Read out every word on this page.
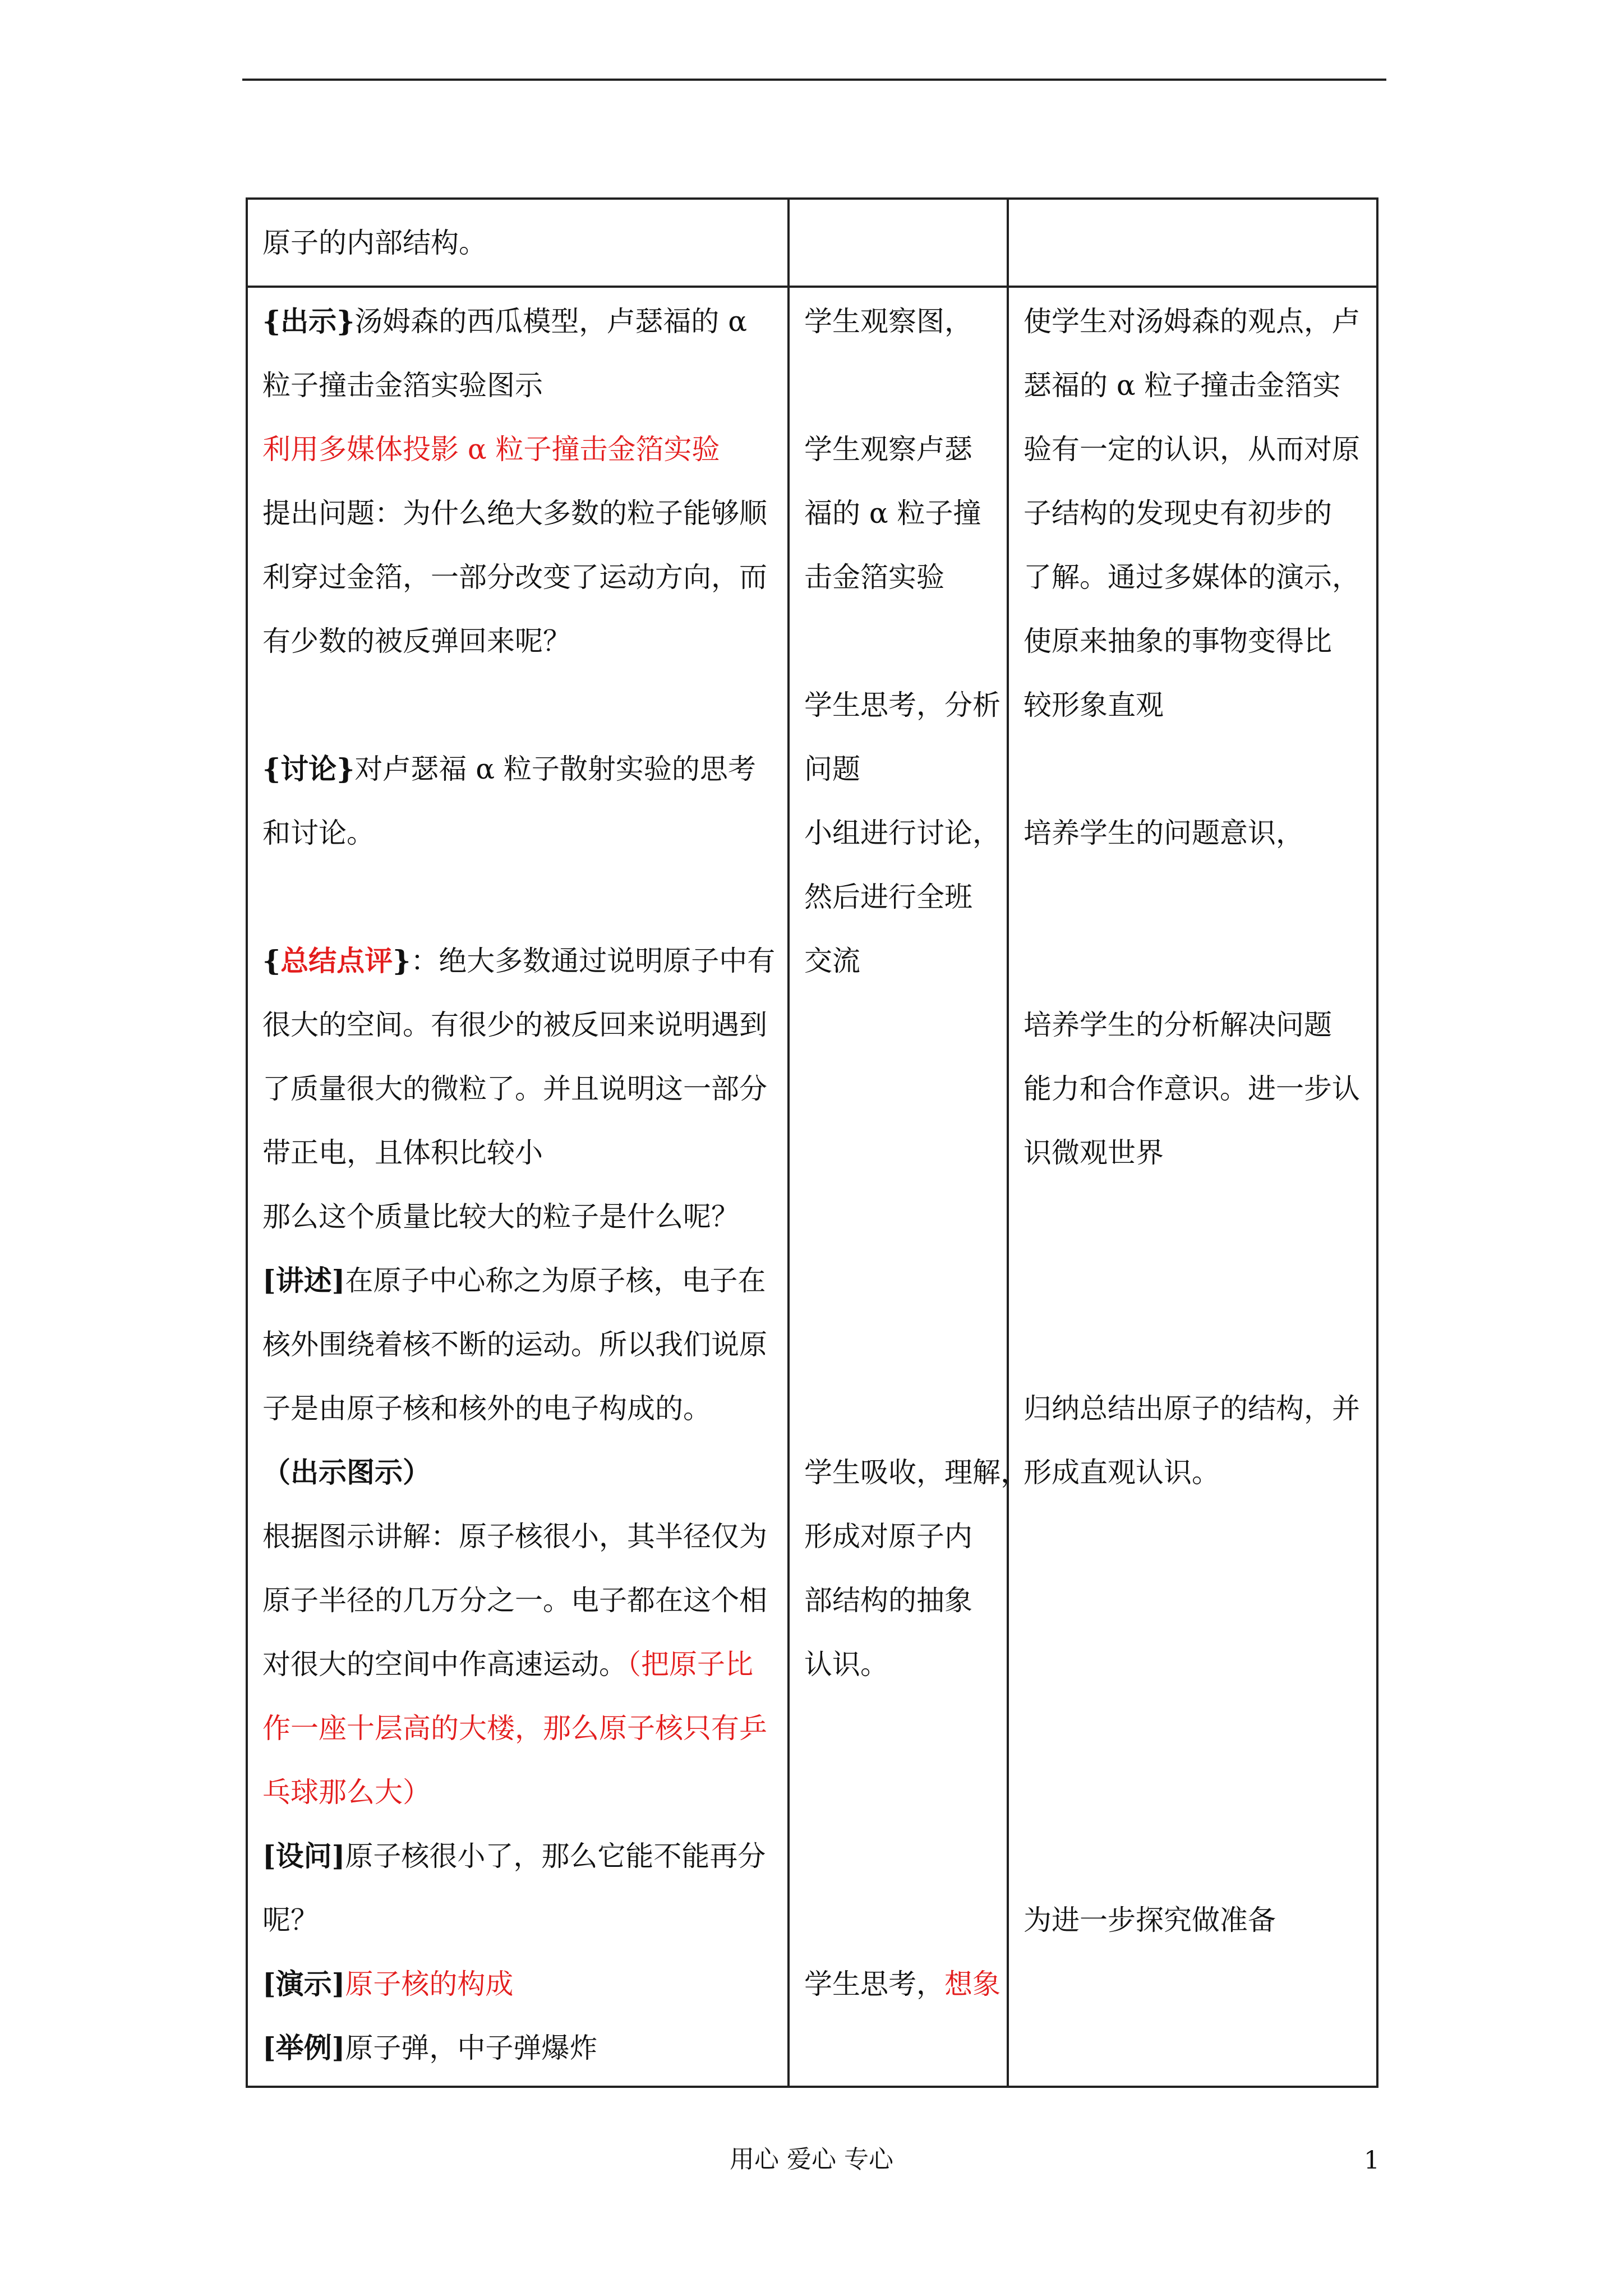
原子的内部结构。

{出示}汤姆森的西瓜模型，卢瑟福的 α

粒子撞击金箔实验图示

利用多媒体投影 α 粒子撞击金箔实验

提出问题：为什么绝大多数的粒子能够顺

利穿过金箔，一部分改变了运动方向，而

有少数的被反弹回来呢？

{讨论}对卢瑟福 α 粒子散射实验的思考

和讨论。

{总结点评}：绝大多数通过说明原子中有

很大的空间。有很少的被反回来说明遇到

了质量很大的微粒了。并且说明这一部分

带正电，且体积比较小

那么这个质量比较大的粒子是什么呢？

[讲述]在原子中心称之为原子核，电子在

核外围绕着核不断的运动。所以我们说原

子是由原子核和核外的电子构成的。

（出示图示）

根据图示讲解：原子核很小，其半径仅为

原子半径的几万分之一。电子都在这个相

对很大的空间中作高速运动。（把原子比

作一座十层高的大楼，那么原子核只有乒

乓球那么大）

[设问]原子核很小了，那么它能不能再分

呢？

[演示]原子核的构成

[举例]原子弹，中子弹爆炸

学生观察图，

学生观察卢瑟

福的 α 粒子撞

击金箔实验

学生思考，分析

问题

小组进行讨论，

然后进行全班

交流

学生吸收，理解，

形成对原子内

部结构的抽象

认识。

学生思考，想象

使学生对汤姆森的观点，卢

瑟福的 α 粒子撞击金箔实

验有一定的认识，从而对原

子结构的发现史有初步的

了解。通过多媒体的演示，

使原来抽象的事物变得比

较形象直观

培养学生的问题意识，

培养学生的分析解决问题

能力和合作意识。进一步认

识微观世界

归纳总结出原子的结构，并

形成直观认识。

为进一步探究做准备

用心 爱心 专心	1
